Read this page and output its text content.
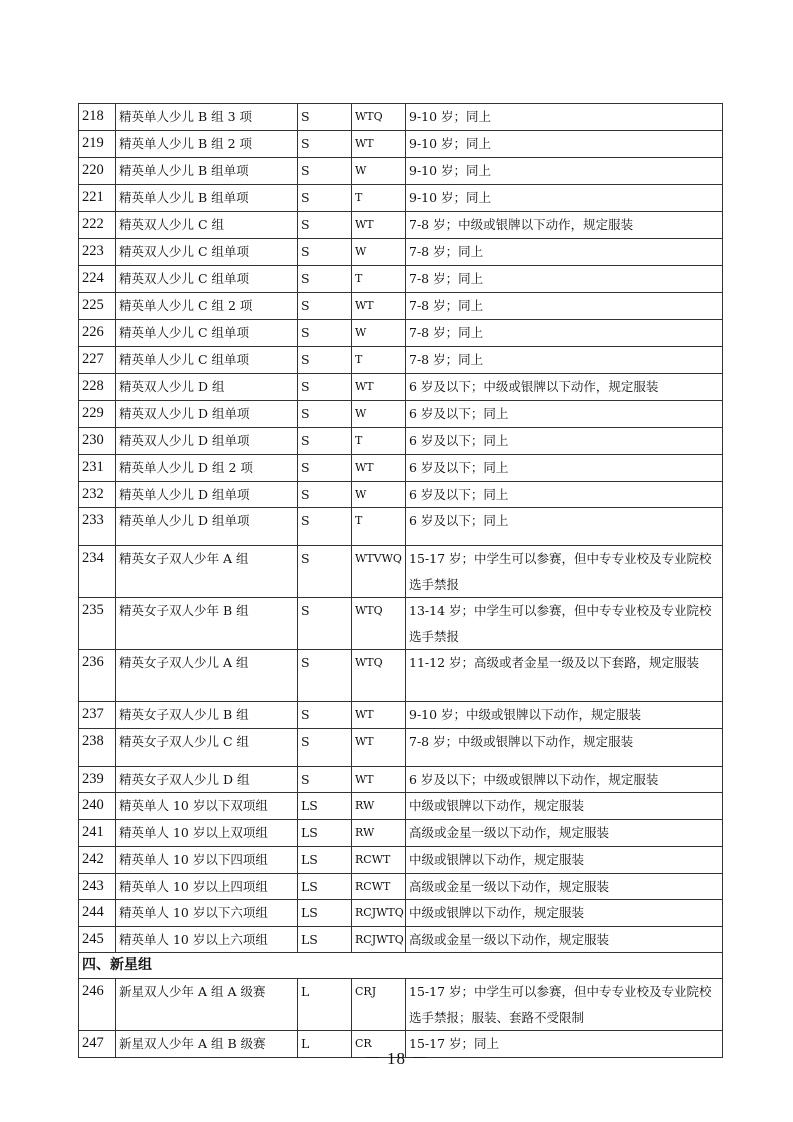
218	精英单人少儿 B 组 3 项	S	WTQ	9-10 岁；同上
219	精英单人少儿 B 组 2 项	S	WT	9-10 岁；同上
220	精英单人少儿 B 组单项	S	W	9-10 岁；同上
221	精英单人少儿 B 组单项	S	T	9-10 岁；同上
222	精英双人少儿 C 组	S	WT	7-8 岁；中级或银牌以下动作，规定服装
223	精英双人少儿 C 组单项	S	W	7-8 岁；同上
224	精英双人少儿 C 组单项	S	T	7-8 岁；同上
225	精英单人少儿 C 组 2 项	S	WT	7-8 岁；同上
226	精英单人少儿 C 组单项	S	W	7-8 岁；同上
227	精英单人少儿 C 组单项	S	T	7-8 岁；同上
228	精英双人少儿 D 组	S	WT	6 岁及以下；中级或银牌以下动作，规定服装
229	精英双人少儿 D 组单项	S	W	6 岁及以下；同上
230	精英双人少儿 D 组单项	S	T	6 岁及以下；同上
231	精英单人少儿 D 组 2 项	S	WT	6 岁及以下；同上
232	精英单人少儿 D 组单项	S	W	6 岁及以下；同上
233	精英单人少儿 D 组单项	S	T	6 岁及以下；同上
234	精英女子双人少年 A 组	S	WTVWQ	15-17 岁；中学生可以参赛，但中专专业校及专业院校选手禁报
235	精英女子双人少年 B 组	S	WTQ	13-14 岁；中学生可以参赛，但中专专业校及专业院校选手禁报
236	精英女子双人少儿 A 组	S	WTQ	11-12 岁；高级或者金星一级及以下套路，规定服装
237	精英女子双人少儿 B 组	S	WT	9-10 岁；中级或银牌以下动作，规定服装
238	精英女子双人少儿 C 组	S	WT	7-8 岁；中级或银牌以下动作，规定服装
239	精英女子双人少儿 D 组	S	WT	6 岁及以下；中级或银牌以下动作，规定服装
240	精英单人 10 岁以下双项组	LS	RW	中级或银牌以下动作，规定服装
241	精英单人 10 岁以上双项组	LS	RW	高级或金星一级以下动作，规定服装
242	精英单人 10 岁以下四项组	LS	RCWT	中级或银牌以下动作，规定服装
243	精英单人 10 岁以上四项组	LS	RCWT	高级或金星一级以下动作，规定服装
244	精英单人 10 岁以下六项组	LS	RCJWTQ	中级或银牌以下动作，规定服装
245	精英单人 10 岁以上六项组	LS	RCJWTQ	高级或金星一级以下动作，规定服装
四、新星组				
246	新星双人少年 A 组 A 级赛	L	CRJ	15-17 岁；中学生可以参赛，但中专专业校及专业院校选手禁报；服装、套路不受限制
247	新星双人少年 A 组 B 级赛	L	CR	15-17 岁；同上
－ 18 －
